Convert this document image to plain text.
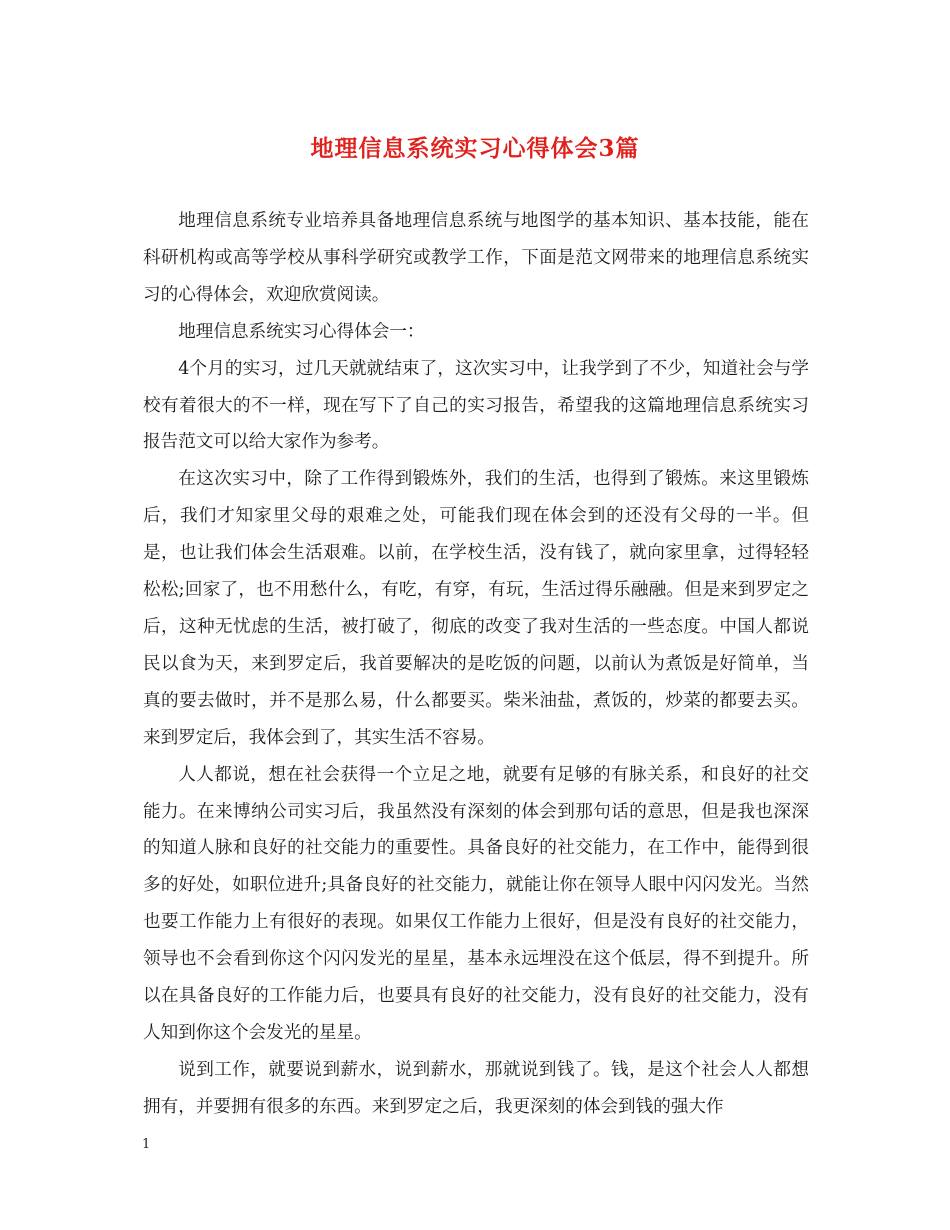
地理信息系统实习心得体会3篇

地理信息系统专业培养具备地理信息系统与地图学的基本知识、基本技能，能在科研机构或高等学校从事科学研究或教学工作，下面是范文网带来的地理信息系统实习的心得体会，欢迎欣赏阅读。

地理信息系统实习心得体会一：

4个月的实习，过几天就就结束了，这次实习中，让我学到了不少，知道社会与学校有着很大的不一样，现在写下了自己的实习报告，希望我的这篇地理信息系统实习报告范文可以给大家作为参考。

在这次实习中，除了工作得到锻炼外，我们的生活，也得到了锻炼。来这里锻炼后，我们才知家里父母的艰难之处，可能我们现在体会到的还没有父母的一半。但是，也让我们体会生活艰难。以前，在学校生活，没有钱了，就向家里拿，过得轻轻松松;回家了，也不用愁什么，有吃，有穿，有玩，生活过得乐融融。但是来到罗定之后，这种无忧虑的生活，被打破了，彻底的改变了我对生活的一些态度。中国人都说民以食为天，来到罗定后，我首要解决的是吃饭的问题，以前认为煮饭是好简单，当真的要去做时，并不是那么易，什么都要买。柴米油盐，煮饭的，炒菜的都要去买。来到罗定后，我体会到了，其实生活不容易。

人人都说，想在社会获得一个立足之地，就要有足够的有脉关系，和良好的社交能力。在来博纳公司实习后，我虽然没有深刻的体会到那句话的意思，但是我也深深的知道人脉和良好的社交能力的重要性。具备良好的社交能力，在工作中，能得到很多的好处，如职位进升;具备良好的社交能力，就能让你在领导人眼中闪闪发光。当然也要工作能力上有很好的表现。如果仅工作能力上很好，但是没有良好的社交能力，领导也不会看到你这个闪闪发光的星星，基本永远埋没在这个低层，得不到提升。所以在具备良好的工作能力后，也要具有良好的社交能力，没有良好的社交能力，没有人知到你这个会发光的星星。

说到工作，就要说到薪水，说到薪水，那就说到钱了。钱，是这个社会人人都想拥有，并要拥有很多的东西。来到罗定之后，我更深刻的体会到钱的强大作

1
